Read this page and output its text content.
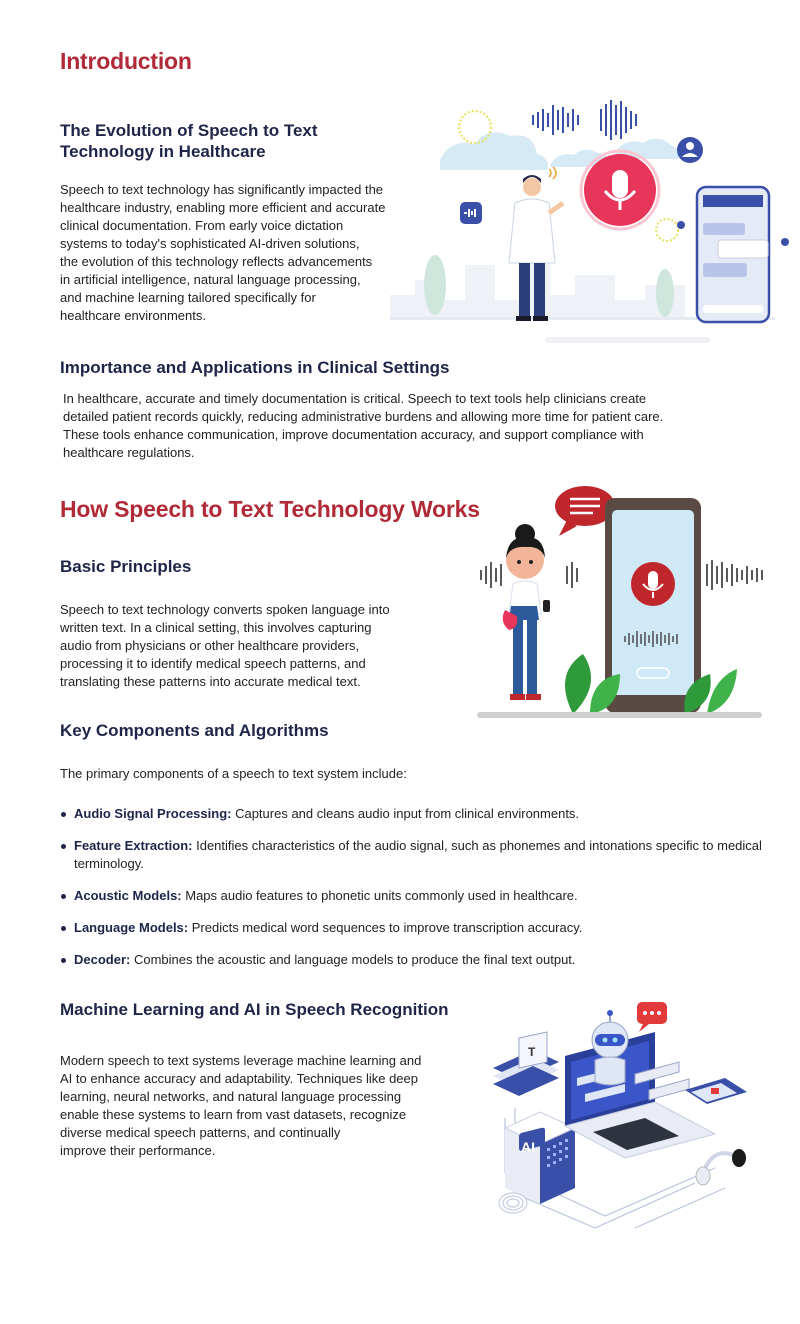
Introduction
The Evolution of Speech to Text
Technology in Healthcare
Speech to text technology has significantly impacted the
healthcare industry, enabling more efficient and accurate
clinical documentation. From early voice dictation
systems to today's sophisticated AI-driven solutions,
the evolution of this technology reflects advancements
in artificial intelligence, natural language processing,
and machine learning tailored specifically for
healthcare environments.
Importance and Applications in Clinical Settings
In healthcare, accurate and timely documentation is critical. Speech to text tools help clinicians create
detailed patient records quickly, reducing administrative burdens and allowing more time for patient care.
These tools enhance communication, improve documentation accuracy, and support compliance with
healthcare regulations.
How Speech to Text Technology Works
Basic Principles
Speech to text technology converts spoken language into
written text. In a clinical setting, this involves capturing
audio from physicians or other healthcare providers,
processing it to identify medical speech patterns, and
translating these patterns into accurate medical text.
Key Components and Algorithms

The primary components of a speech to text system include:

Audio Signal Processing: Captures and cleans audio input from clinical environments.
Feature Extraction: Identifies characteristics of the audio signal, such as phonemes and intonations specific to medical terminology.
Acoustic Models: Maps audio features to phonetic units commonly used in healthcare.
Language Models: Predicts medical word sequences to improve transcription accuracy.
Decoder: Combines the acoustic and language models to produce the final text output.
Machine Learning and AI in Speech Recognition
Modern speech to text systems leverage machine learning and
AI to enhance accuracy and adaptability. Techniques like deep
learning, neural networks, and natural language processing
enable these systems to learn from vast datasets, recognize
diverse medical speech patterns, and continually
improve their performance.
T
AI
